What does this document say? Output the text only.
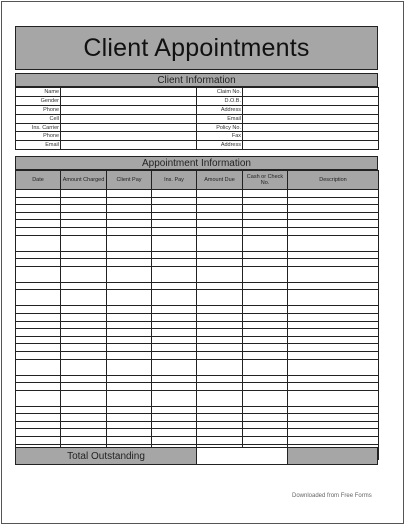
Client Appointments
Client Information
Name		Claim No.	
Gender		D.O.B.	
Phone		Address	
Cell		Email	
Ins. Carrier		Policy No.	
Phone		Fax	
Email		Address	
Appointment Information
Date	Amount Charged	Client Pay	Ins. Pay	Amount Due	Cash or Check No.	Description

Total Outstanding
Downloaded from Free Forms
